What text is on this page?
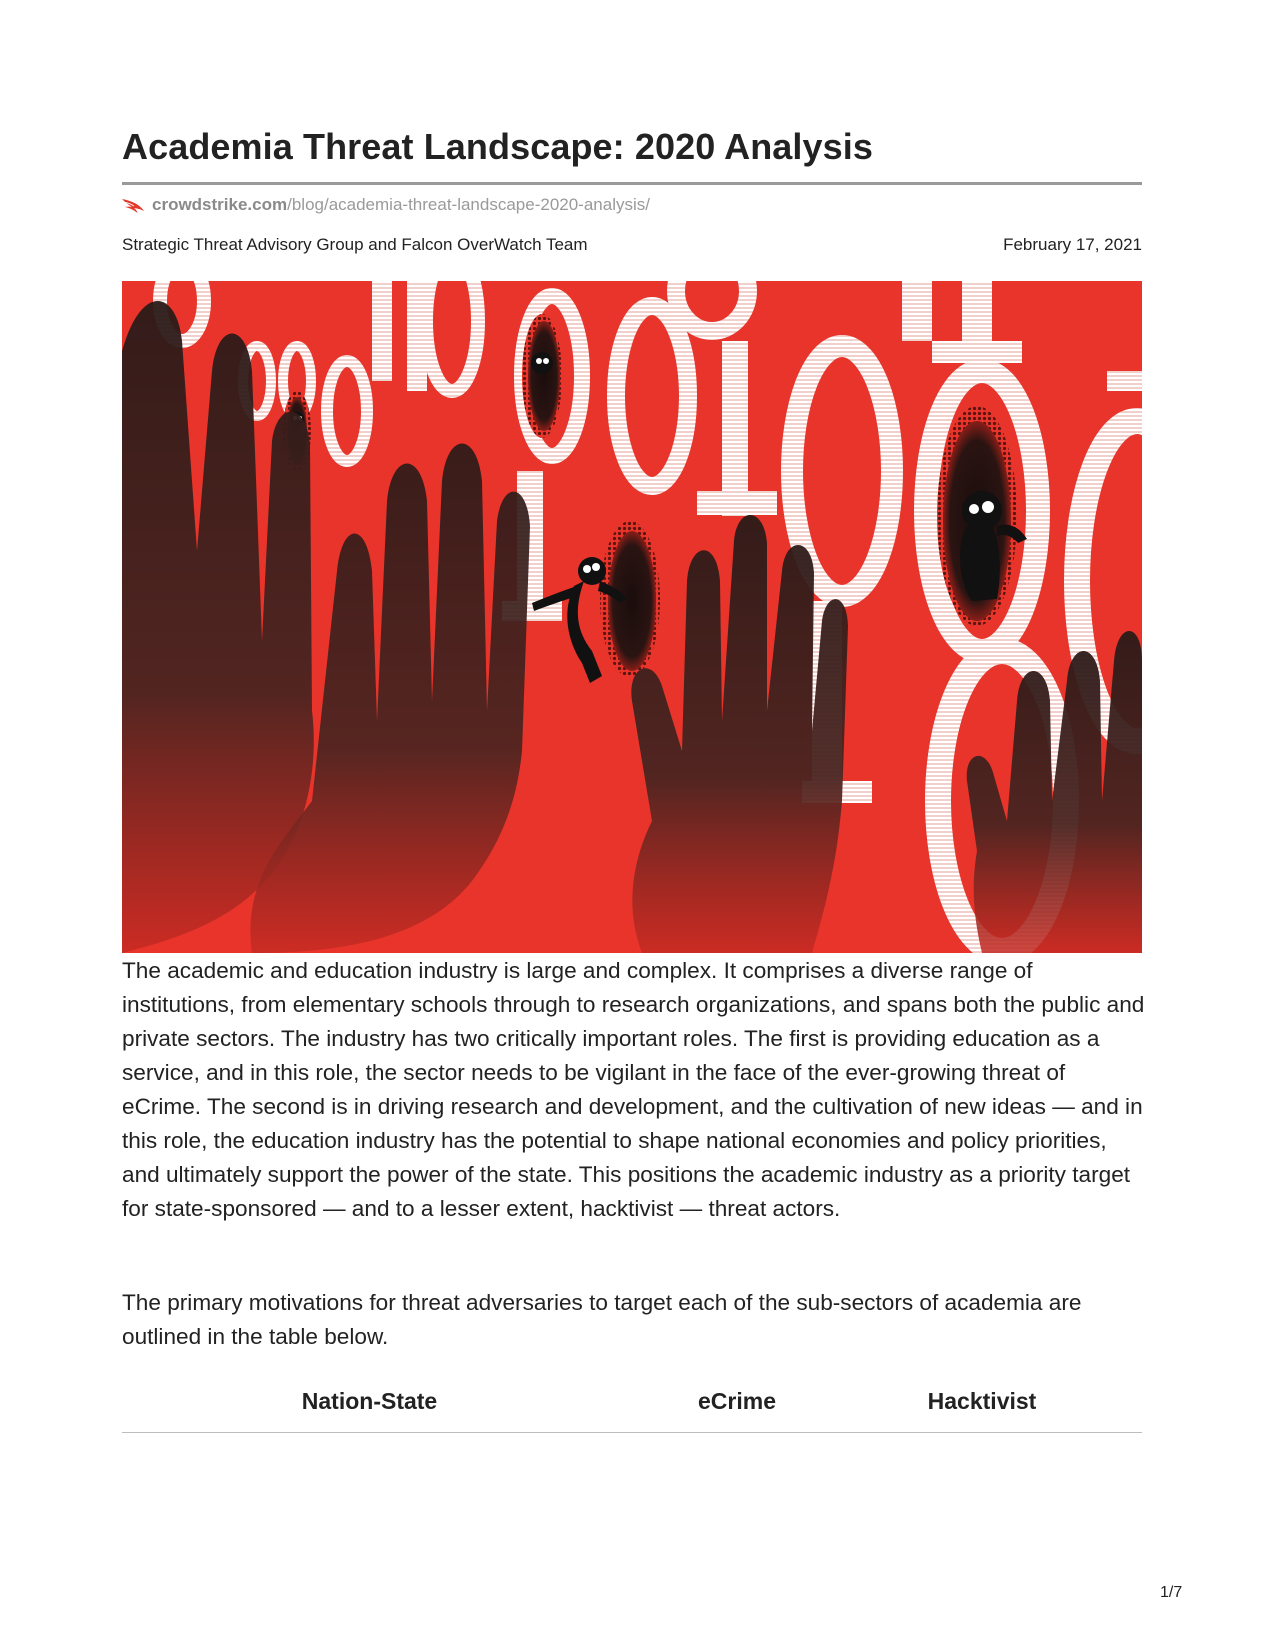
Academia Threat Landscape: 2020 Analysis
crowdstrike.com /blog/academia-threat-landscape-2020-analysis/
Strategic Threat Advisory Group and Falcon OverWatch Team	February 17, 2021

The academic and education industry is large and complex. It comprises a diverse range of institutions, from elementary schools through to research organizations, and spans both the public and private sectors. The industry has two critically important roles. The first is providing education as a service, and in this role, the sector needs to be vigilant in the face of the ever-growing threat of eCrime. The second is in driving research and development, and the cultivation of new ideas — and in this role, the education industry has the potential to shape national economies and policy priorities, and ultimately support the power of the state. This positions the academic industry as a priority target for state-sponsored — and to a lesser extent, hacktivist — threat actors.

The primary motivations for threat adversaries to target each of the sub-sectors of academia are outlined in the table below.

Nation-State	eCrime	Hacktivist
1/7
